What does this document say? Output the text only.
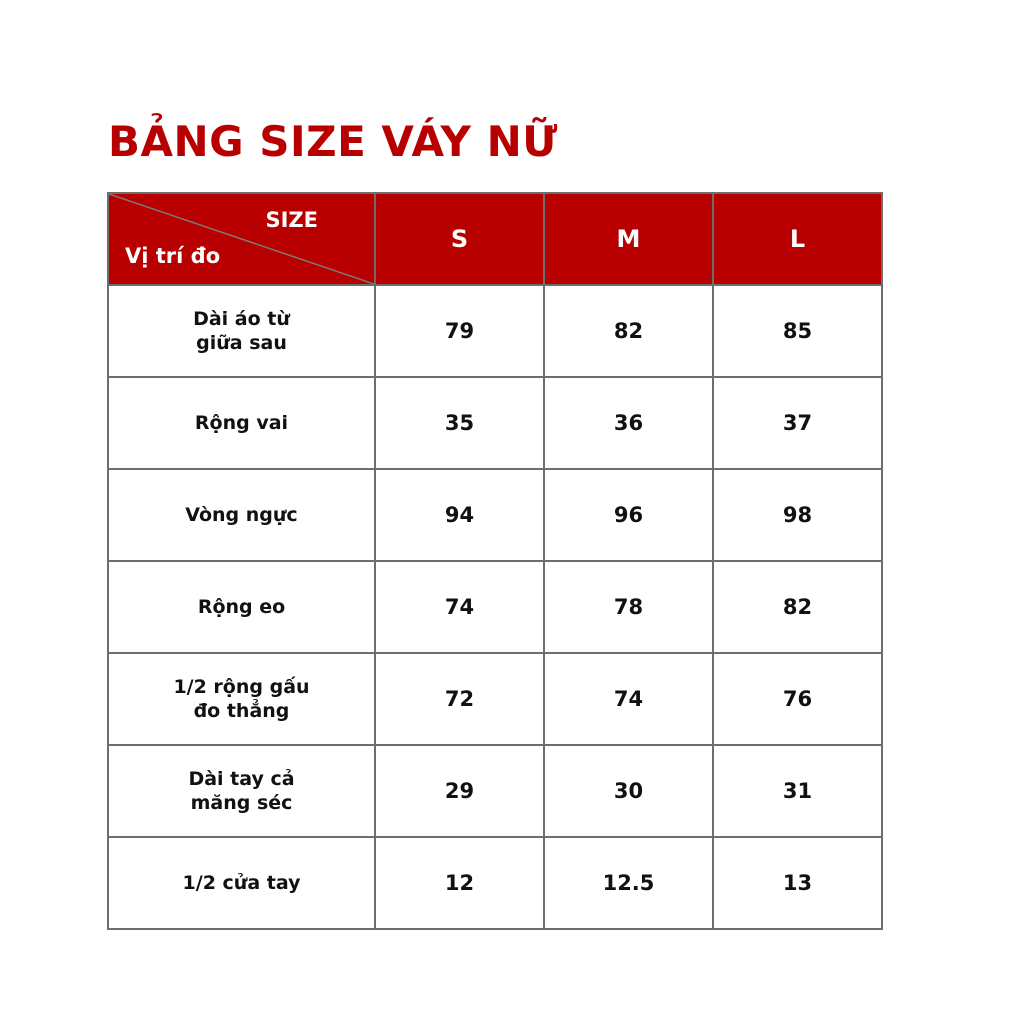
BẢNG SIZE VÁY NỮ
SIZE
Vị trí đo	S	M	L

Dài áo từ
giữa sau	79	82	85

Rộng vai	35	36	37

Vòng ngực	94	96	98

Rộng eo	74	78	82

1/2 rộng gấu
đo thẳng	72	74	76

Dài tay cả
măng séc	29	30	31

1/2 cửa tay	12	12.5	13
